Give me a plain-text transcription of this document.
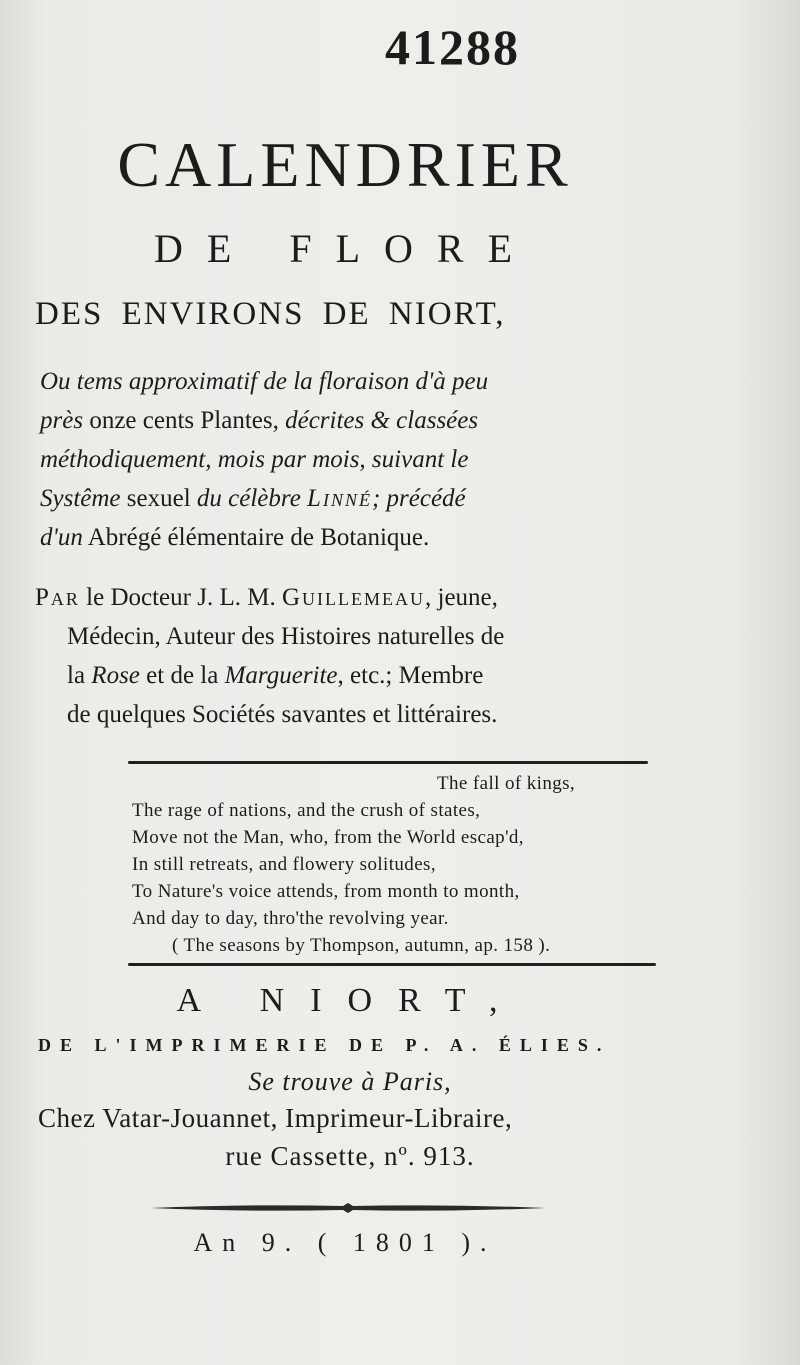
41288
CALENDRIER
DE FLORE
DES ENVIRONS DE NIORT,
Ou tems approximatif de la floraison d'à peu
près onze cents Plantes, décrites & classées
méthodiquement, mois par mois, suivant le
Systême sexuel du célèbre Linné; précédé
d'un Abrégé élémentaire de Botanique.
Par le Docteur J. L. M. Guillemeau, jeune,
Médecin, Auteur des Histoires naturelles de
la Rose et de la Marguerite, etc.; Membre
de quelques Sociétés savantes et littéraires.
The fall of kings,
The rage of nations, and the crush of states,
Move not the Man, who, from the World escap'd,
In still retreats, and flowery solitudes,
To Nature's voice attends, from month to month,
And day to day, thro'the revolving year.
( The seasons by Thompson, autumn, ap. 158 ).
A NIORT,
DE L'IMPRIMERIE DE P. A. ÉLIES.
Se trouve à Paris,
Chez Vatar-Jouannet, Imprimeur-Libraire,
rue Cassette, nº. 913.
An 9. ( 1801 ).
